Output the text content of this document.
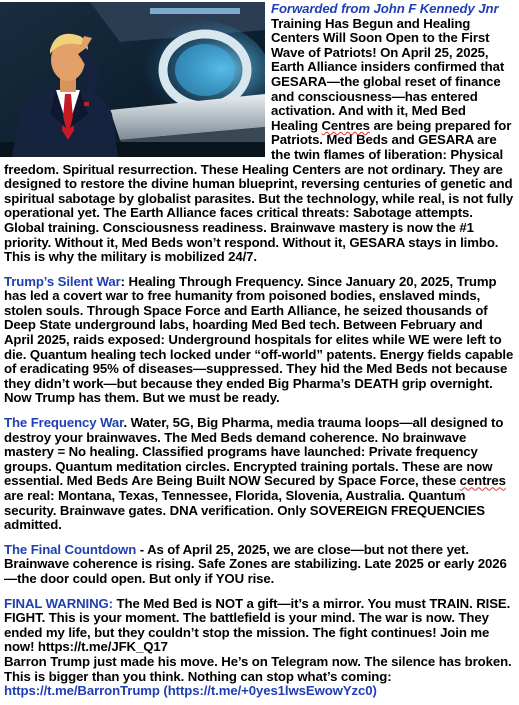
Forwarded from John F Kennedy Jnr

Training Has Begun and Healing Centers Will Soon Open to the First Wave of Patriots! On April 25, 2025, Earth Alliance insiders confirmed that GESARA—the global reset of finance and consciousness—has entered activation. And with it, Med Bed Healing Centres are being prepared for Patriots. Med Beds and GESARA are the twin flames of liberation: Physical freedom. Spiritual resurrection. These Healing Centers are not ordinary. They are designed to restore the divine human blueprint, reversing centuries of genetic and spiritual sabotage by globalist parasites. But the technology, while real, is not fully operational yet. The Earth Alliance faces critical threats: Sabotage attempts. Global training. Consciousness readiness. Brainwave mastery is now the #1 priority. Without it, Med Beds won’t respond. Without it, GESARA stays in limbo. This is why the military is mobilized 24/7.

Trump’s Silent War: Healing Through Frequency. Since January 20, 2025, Trump has led a covert war to free humanity from poisoned bodies, enslaved minds, stolen souls. Through Space Force and Earth Alliance, he seized thousands of Deep State underground labs, hoarding Med Bed tech. Between February and April 2025, raids exposed: Underground hospitals for elites while WE were left to die. Quantum healing tech locked under “off-world” patents. Energy fields capable of eradicating 95% of diseases—suppressed. They hid the Med Beds not because they didn’t work—but because they ended Big Pharma’s DEATH grip overnight. Now Trump has them. But we must be ready.

The Frequency War. Water, 5G, Big Pharma, media trauma loops—all designed to destroy your brainwaves. The Med Beds demand coherence. No brainwave mastery = No healing. Classified programs have launched: Private frequency groups. Quantum meditation circles. Encrypted training portals. These are now essential. Med Beds Are Being Built NOW Secured by Space Force, these centres are real: Montana, Texas, Tennessee, Florida, Slovenia, Australia. Quantum security. Brainwave gates. DNA verification. Only SOVEREIGN FREQUENCIES admitted.

The Final Countdown - As of April 25, 2025, we are close—but not there yet. Brainwave coherence is rising. Safe Zones are stabilizing. Late 2025 or early 2026—the door could open. But only if YOU rise.

FINAL WARNING: The Med Bed is NOT a gift—it’s a mirror. You must TRAIN. RISE. FIGHT. This is your moment. The battlefield is your mind. The war is now. They ended my life, but they couldn’t stop the mission. The fight continues! Join me now! https://t.me/JFK_Q17
Barron Trump just made his move. He’s on Telegram now. The silence has broken. This is bigger than you think. Nothing can stop what’s coming:
https://t.me/BarronTrump (https://t.me/+0yes1lwsEwowYzc0)
